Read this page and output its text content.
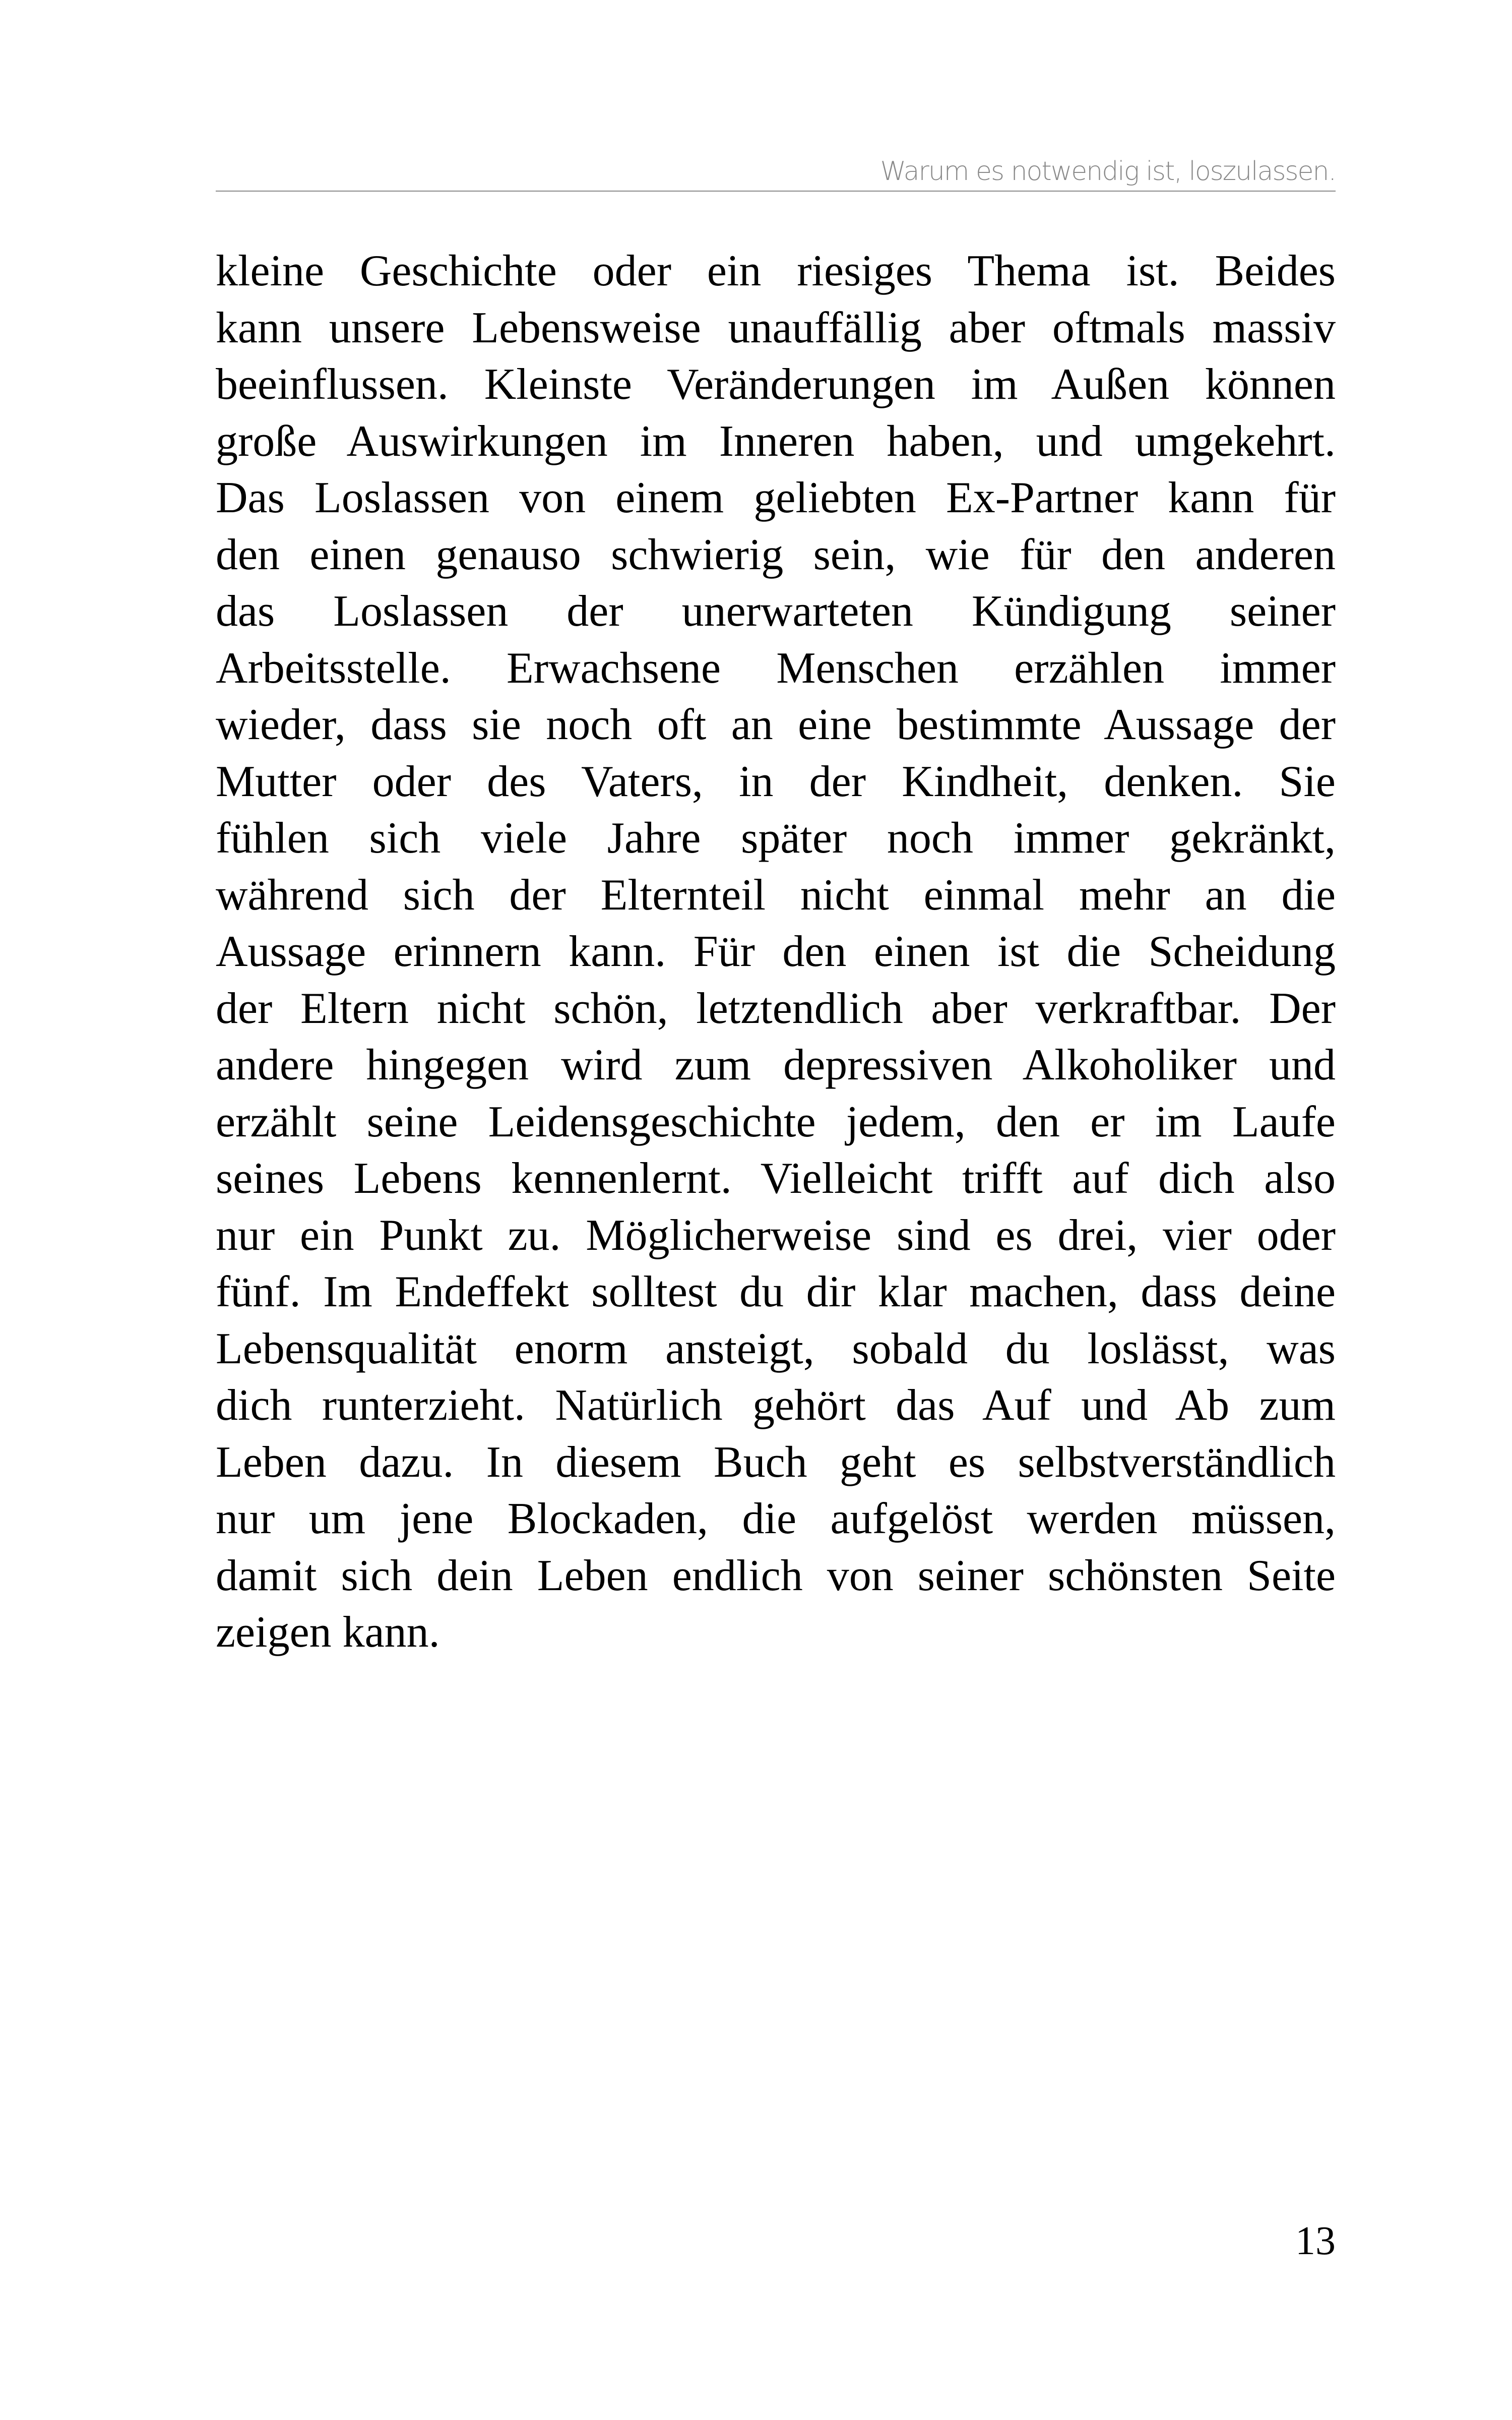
Warum es notwendig ist, loszulassen.
kleine Geschichte oder ein riesiges Thema ist. Beides
kann unsere Lebensweise unauffällig aber oftmals massiv
beeinflussen. Kleinste Veränderungen im Außen können
große Auswirkungen im Inneren haben, und umgekehrt.
Das Loslassen von einem geliebten Ex-Partner kann für
den einen genauso schwierig sein, wie für den anderen
das Loslassen der unerwarteten Kündigung seiner
Arbeitsstelle. Erwachsene Menschen erzählen immer
wieder, dass sie noch oft an eine bestimmte Aussage der
Mutter oder des Vaters, in der Kindheit, denken. Sie
fühlen sich viele Jahre später noch immer gekränkt,
während sich der Elternteil nicht einmal mehr an die
Aussage erinnern kann. Für den einen ist die Scheidung
der Eltern nicht schön, letztendlich aber verkraftbar. Der
andere hingegen wird zum depressiven Alkoholiker und
erzählt seine Leidensgeschichte jedem, den er im Laufe
seines Lebens kennenlernt. Vielleicht trifft auf dich also
nur ein Punkt zu. Möglicherweise sind es drei, vier oder
fünf. Im Endeffekt solltest du dir klar machen, dass deine
Lebensqualität enorm ansteigt, sobald du loslässt, was
dich runterzieht. Natürlich gehört das Auf und Ab zum
Leben dazu. In diesem Buch geht es selbstverständlich
nur um jene Blockaden, die aufgelöst werden müssen,
damit sich dein Leben endlich von seiner schönsten Seite
zeigen kann.
13
